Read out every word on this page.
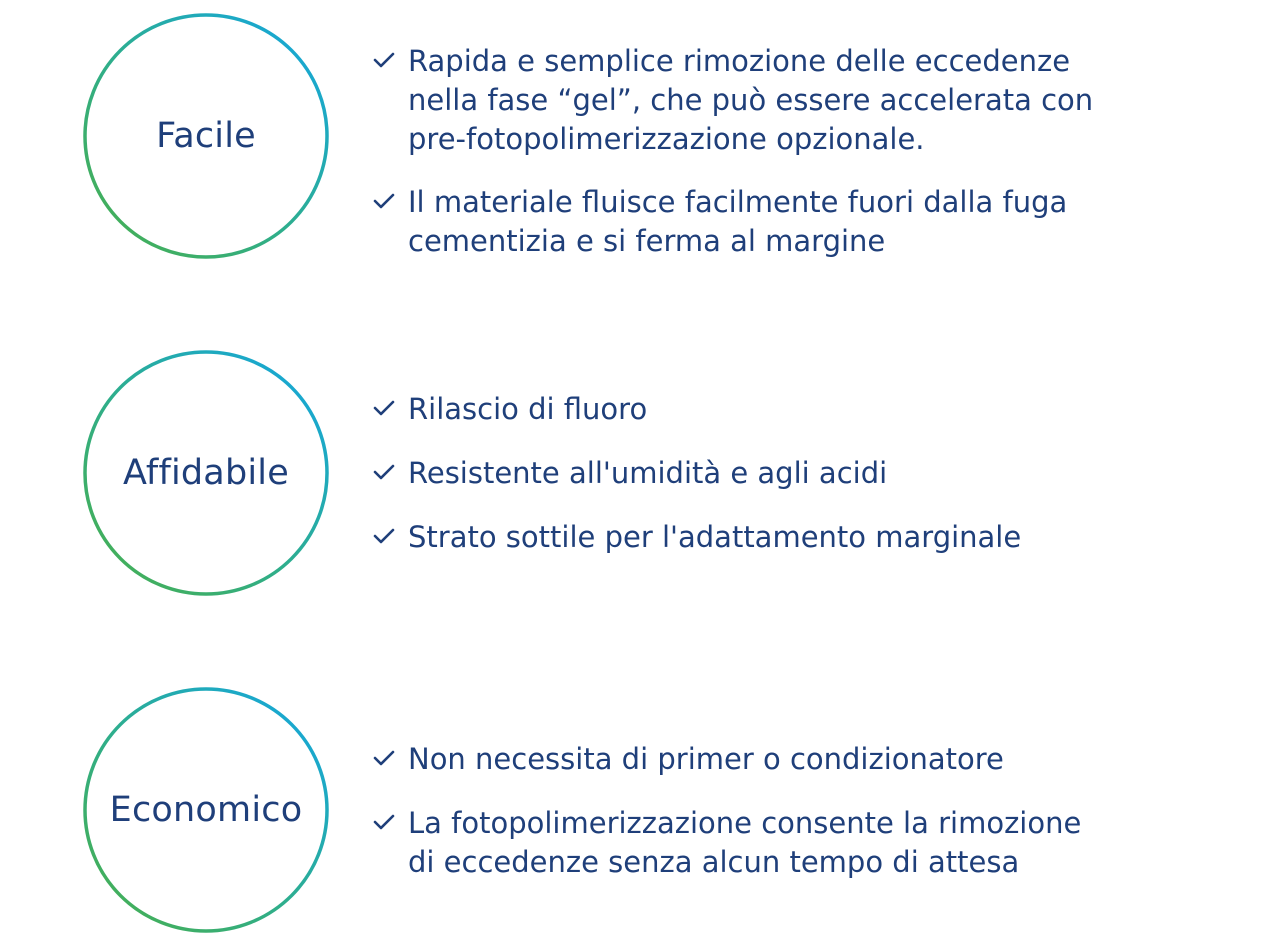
Facile
Rapida e semplice rimozione delle eccedenze
nella fase “gel”, che può essere accelerata con
pre-fotopolimerizzazione opzionale.
Il materiale fluisce facilmente fuori dalla fuga
cementizia e si ferma al margine
Affidabile
Rilascio di fluoro
Resistente all'umidità e agli acidi
Strato sottile per l'adattamento marginale
Economico
Non necessita di primer o condizionatore
La fotopolimerizzazione consente la rimozione
di eccedenze senza alcun tempo di attesa
